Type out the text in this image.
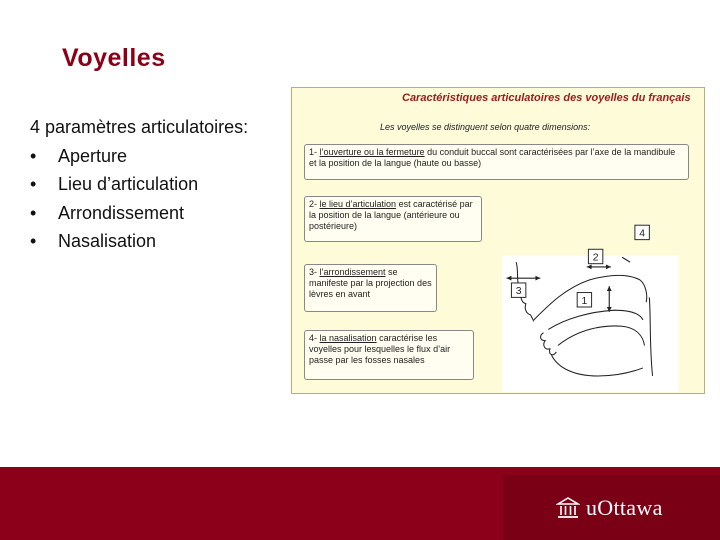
Voyelles
4 paramètres articulatoires:
• Aperture
• Lieu d’articulation
• Arrondissement
• Nasalisation
Caractéristiques articulatoires des voyelles du français
Les voyelles se distinguent selon quatre dimensions:
1- l’ouverture ou la fermeture du conduit buccal sont caractérisées par l’axe de la mandibule et la position de la langue (haute ou basse)
2- le lieu d’articulation est caractérisé par la position de la langue (antérieure ou postérieure)
3- l’arrondissement se manifeste par la projection des lèvres en avant
4- la nasalisation caractérise les voyelles pour lesquelles le flux d’air passe par les fosses nasales
1
2
3
4
uOttawa
